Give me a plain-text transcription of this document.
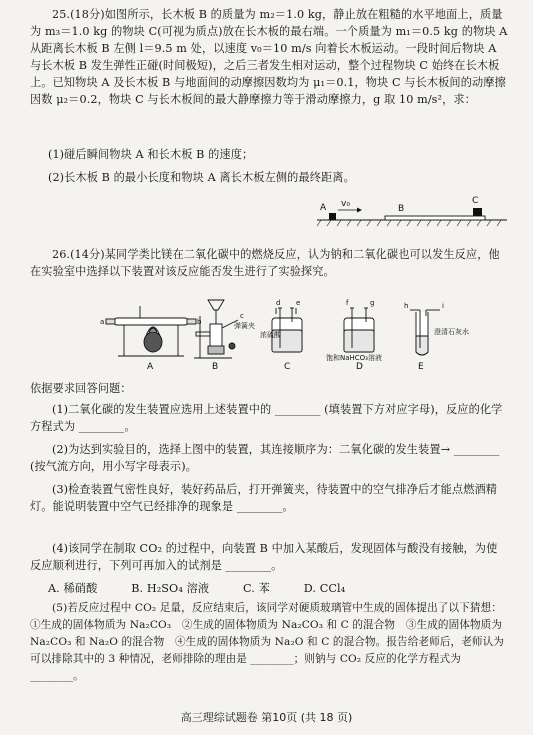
25.(18分)如图所示，长木板 B 的质量为 m₂＝1.0 kg，静止放在粗糙的水平地面上，质量为 m₃＝1.0 kg 的物块 C(可视为质点)放在长木板的最右端。一个质量为 m₁＝0.5 kg 的物块 A 从距离长木板 B 左侧 l＝9.5 m 处，以速度 v₀＝10 m/s 向着长木板运动。一段时间后物块 A 与长木板 B 发生弹性正碰(时间极短)，之后三者发生相对运动，整个过程物块 C 始终在长木板上。已知物块 A 及长木板 B 与地面间的动摩擦因数均为 μ₁＝0.1，物块 C 与长木板间的动摩擦因数 μ₂＝0.2，物块 C 与长木板间的最大静摩擦力等于滑动摩擦力，g 取 10 m/s²，求：
(1)碰后瞬间物块 A 和长木板 B 的速度；
(2)长木板 B 的最小长度和物块 A 离长木板左侧的最终距离。
A v₀	B
C
26.(14分)某同学类比镁在二氧化碳中的燃烧反应，认为钠和二氧化碳也可以发生反应，他在实验室中选择以下装置对该反应能否发生进行了实验探究。
a	b
A
c
弹簧夹
B
d e
浓硫酸
C
f	g
饱和NaHCO₃溶液
D
h	i
澄清石灰水
E
依据要求回答问题：
(1)二氧化碳的发生装置应选用上述装置中的 ________ (填装置下方对应字母)，反应的化学方程式为 ________。
(2)为达到实验目的，选择上图中的装置，其连接顺序为：二氧化碳的发生装置→ ________ (按气流方向，用小写字母表示)。
(3)检查装置气密性良好，装好药品后，打开弹簧夹，待装置中的空气排净后才能点燃酒精灯。能说明装置中空气已经排净的现象是 ________。
(4)该同学在制取 CO₂ 的过程中，向装置 B 中加入某酸后，发现固体与酸没有接触，为使反应顺利进行，下列可再加入的试剂是 ________。
A. 稀硝酸　　　B. H₂SO₄ 溶液　　　C. 苯　　　D. CCl₄
(5)若反应过程中 CO₂ 足量，反应结束后，该同学对硬质玻璃管中生成的固体提出了以下猜想：①生成的固体物质为 Na₂CO₃　②生成的固体物质为 Na₂CO₃ 和 C 的混合物　③生成的固体物质为 Na₂CO₃ 和 Na₂O 的混合物　④生成的固体物质为 Na₂O 和 C 的混合物。报告给老师后，老师认为可以排除其中的 3 种情况，老师排除的理由是 ________；则钠与 CO₂ 反应的化学方程式为 ________。
高三理综试题卷 第10页 (共 18 页)
